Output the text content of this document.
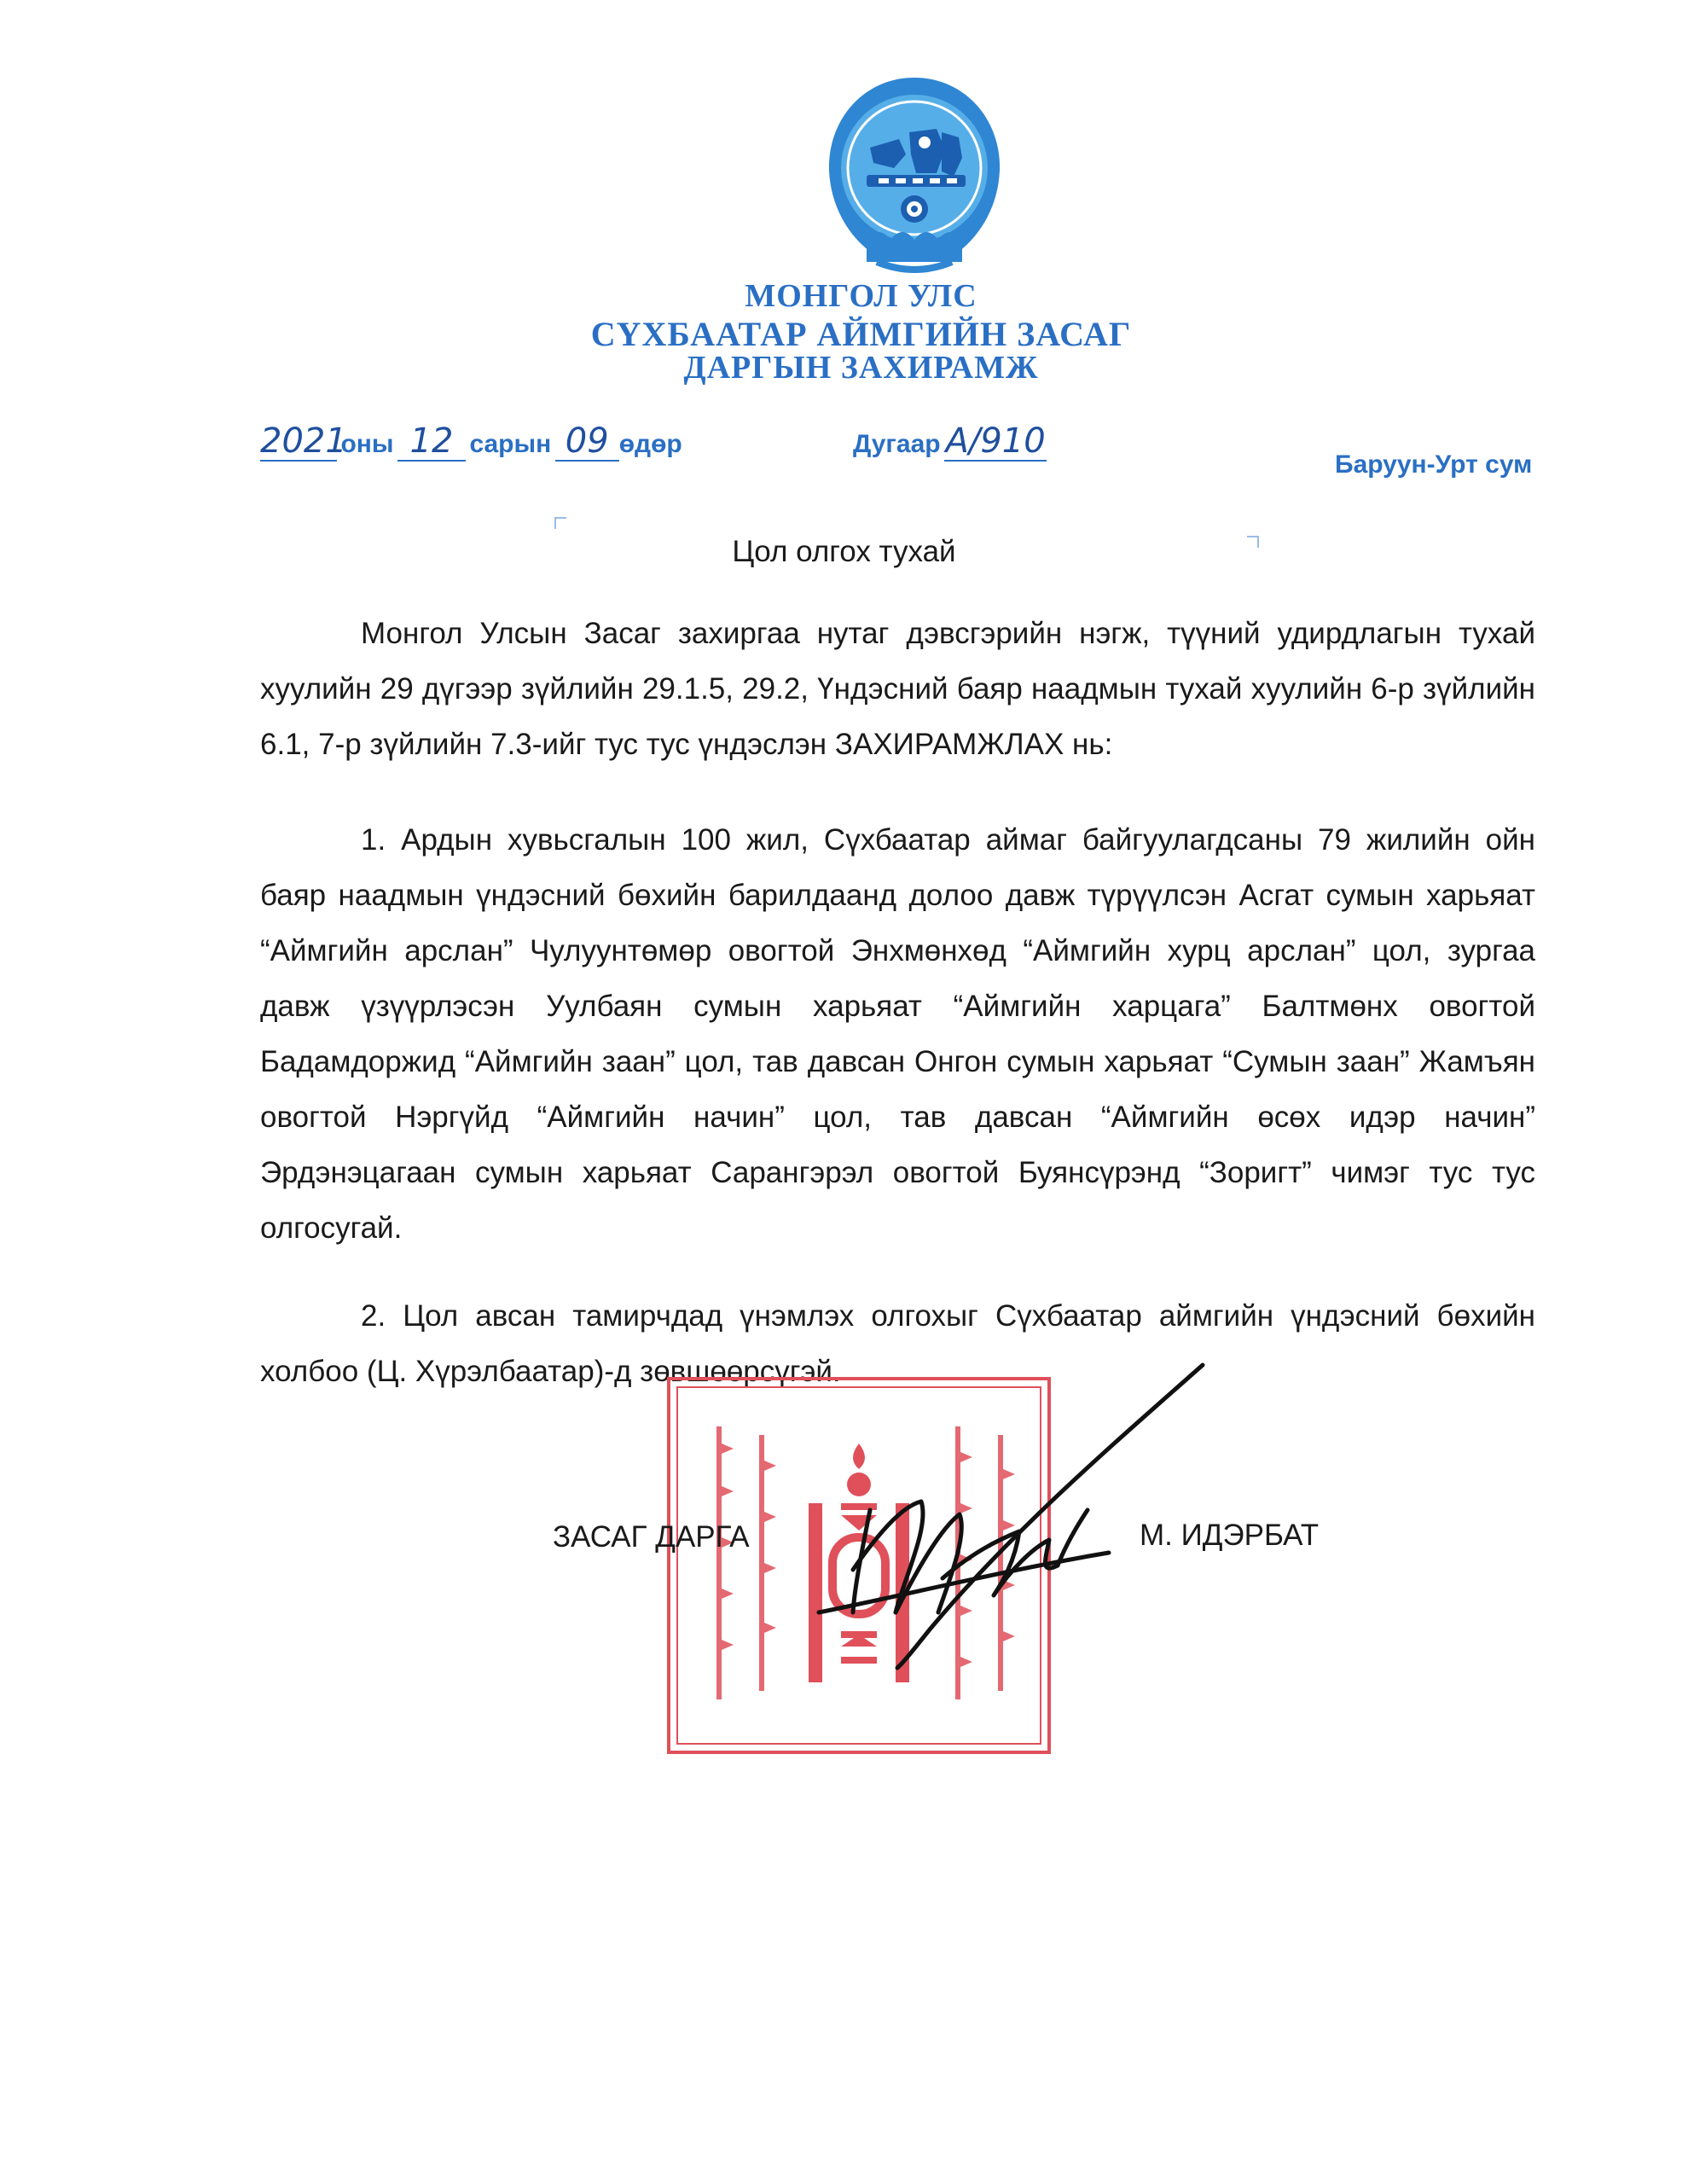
МОНГОЛ УЛС
СҮХБААТАР АЙМГИЙН ЗАСАГ
ДАРГЫН ЗАХИРАМЖ
2021 оны 12 сарын 09 өдөр	Дугаар А/910
Баруун-Урт сум
Цол олгох тухай

Монгол Улсын Засаг захиргаа нутаг дэвсгэрийн нэгж, түүний удирдлагын тухай хуулийн 29 дүгээр зүйлийн 29.1.5, 29.2, Үндэсний баяр наадмын тухай хуулийн 6-р зүйлийн 6.1, 7-р зүйлийн 7.3-ийг тус тус үндэслэн ЗАХИРАМЖЛАХ нь:

1. Ардын хувьсгалын 100 жил, Сүхбаатар аймаг байгуулагдсаны 79 жилийн ойн баяр наадмын үндэсний бөхийн барилдаанд долоо давж түрүүлсэн Асгат сумын харьяат “Аймгийн арслан” Чулуунтөмөр овогтой Энхмөнхөд “Аймгийн хурц арслан” цол, зургаа давж үзүүрлэсэн Уулбаян сумын харьяат “Аймгийн харцага” Балтмөнх овогтой Бадамдоржид “Аймгийн заан” цол, тав давсан Онгон сумын харьяат “Сумын заан” Жамъян овогтой Нэргүйд “Аймгийн начин” цол, тав давсан “Аймгийн өсөх идэр начин” Эрдэнэцагаан сумын харьяат Сарангэрэл овогтой Буянсүрэнд “Зоригт” чимэг тус тус олгосугай.

2. Цол авсан тамирчдад үнэмлэх олгохыг Сүхбаатар аймгийн үндэсний бөхийн холбоо (Ц. Хүрэлбаатар)-д зөвшөөрсүгэй.

ЗАСАГ ДАРГА	М. ИДЭРБАТ
